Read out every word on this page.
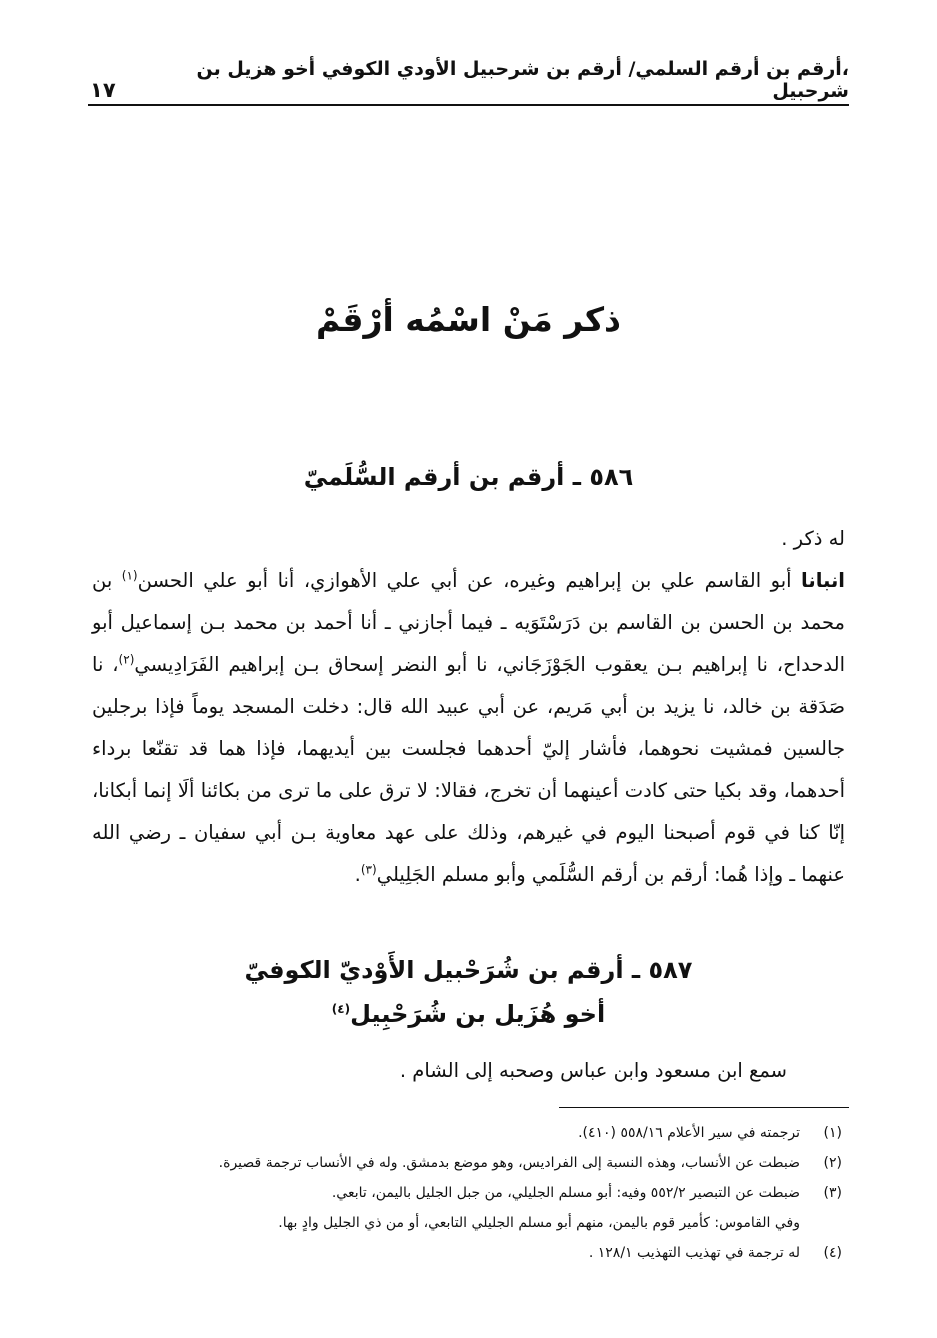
،أرقم بن أرقم السلمي/ أرقم بن شرحبيل الأودي الكوفي أخو هزيل بن شرحبيل
١٧
ذكر مَنْ اسْمُه أرْقَمْ
٥٨٦ ـ أرقم بن أرقم السُّلَميّ
له ذكر .
انبانا أبو القاسم علي بن إبراهيم وغيره، عن أبي علي الأهوازي، أنا أبو علي الحسن$^{(١)}$ بن محمد بن الحسن بن القاسم بن دَرَسْتَوَيه ـ فيما أجازني ـ أنا أحمد بن محمد بـن إسماعيل أبو الدحداح، نا إبراهيم بـن يعقوب الجَوْزَجَاني، نا أبو النضر إسحاق بـن إبراهيم الفَرَادِيسي$^{(٢)}$، نا صَدَقة بن خالد، نا يزيد بن أبي مَريم، عن أبي عبيد الله قال: دخلت المسجد يوماً فإذا برجلين جالسين فمشيت نحوهما، فأشار إليّ أحدهما فجلست بين أيديهما، فإذا هما قد تقنّعا برداء أحدهما، وقد بكيا حتى كادت أعينهما أن تخرج، فقالا: لا ترق على ما ترى من بكائنا ألَا إنما أبكانا، إنّا كنا في قوم أصبحنا اليوم في غيرهم، وذلك على عهد معاوية بـن أبي سفيان ـ رضي الله عنهما ـ وإذا هُما: أرقم بن أرقم السُّلَمي وأبو مسلم الجَلِيلي$^{(٣)}$.
٥٨٧ ـ أرقم بن شُرَحْبيل الأَوْديّ الكوفيّ
أخو هُزَيل بن شُرَحْبِيل$^{(٤)}$
سمع ابن مسعود وابن عباس وصحبه إلى الشام .
(١)
ترجمته في سير الأعلام ٥٥٨/١٦ (٤١٠).
(٢)
ضبطت عن الأنساب، وهذه النسبة إلى الفراديس، وهو موضع بدمشق. وله في الأنساب ترجمة قصيرة.
(٣)
ضبطت عن التبصير ٥٥٢/٢ وفيه: أبو مسلم الجليلي، من جبل الجليل باليمن، تابعي.
وفي القاموس: كأمير قوم باليمن، منهم أبو مسلم الجليلي التابعي، أو من ذي الجليل وادٍ بها.
(٤)
له ترجمة في تهذيب التهذيب ١٢٨/١ .
